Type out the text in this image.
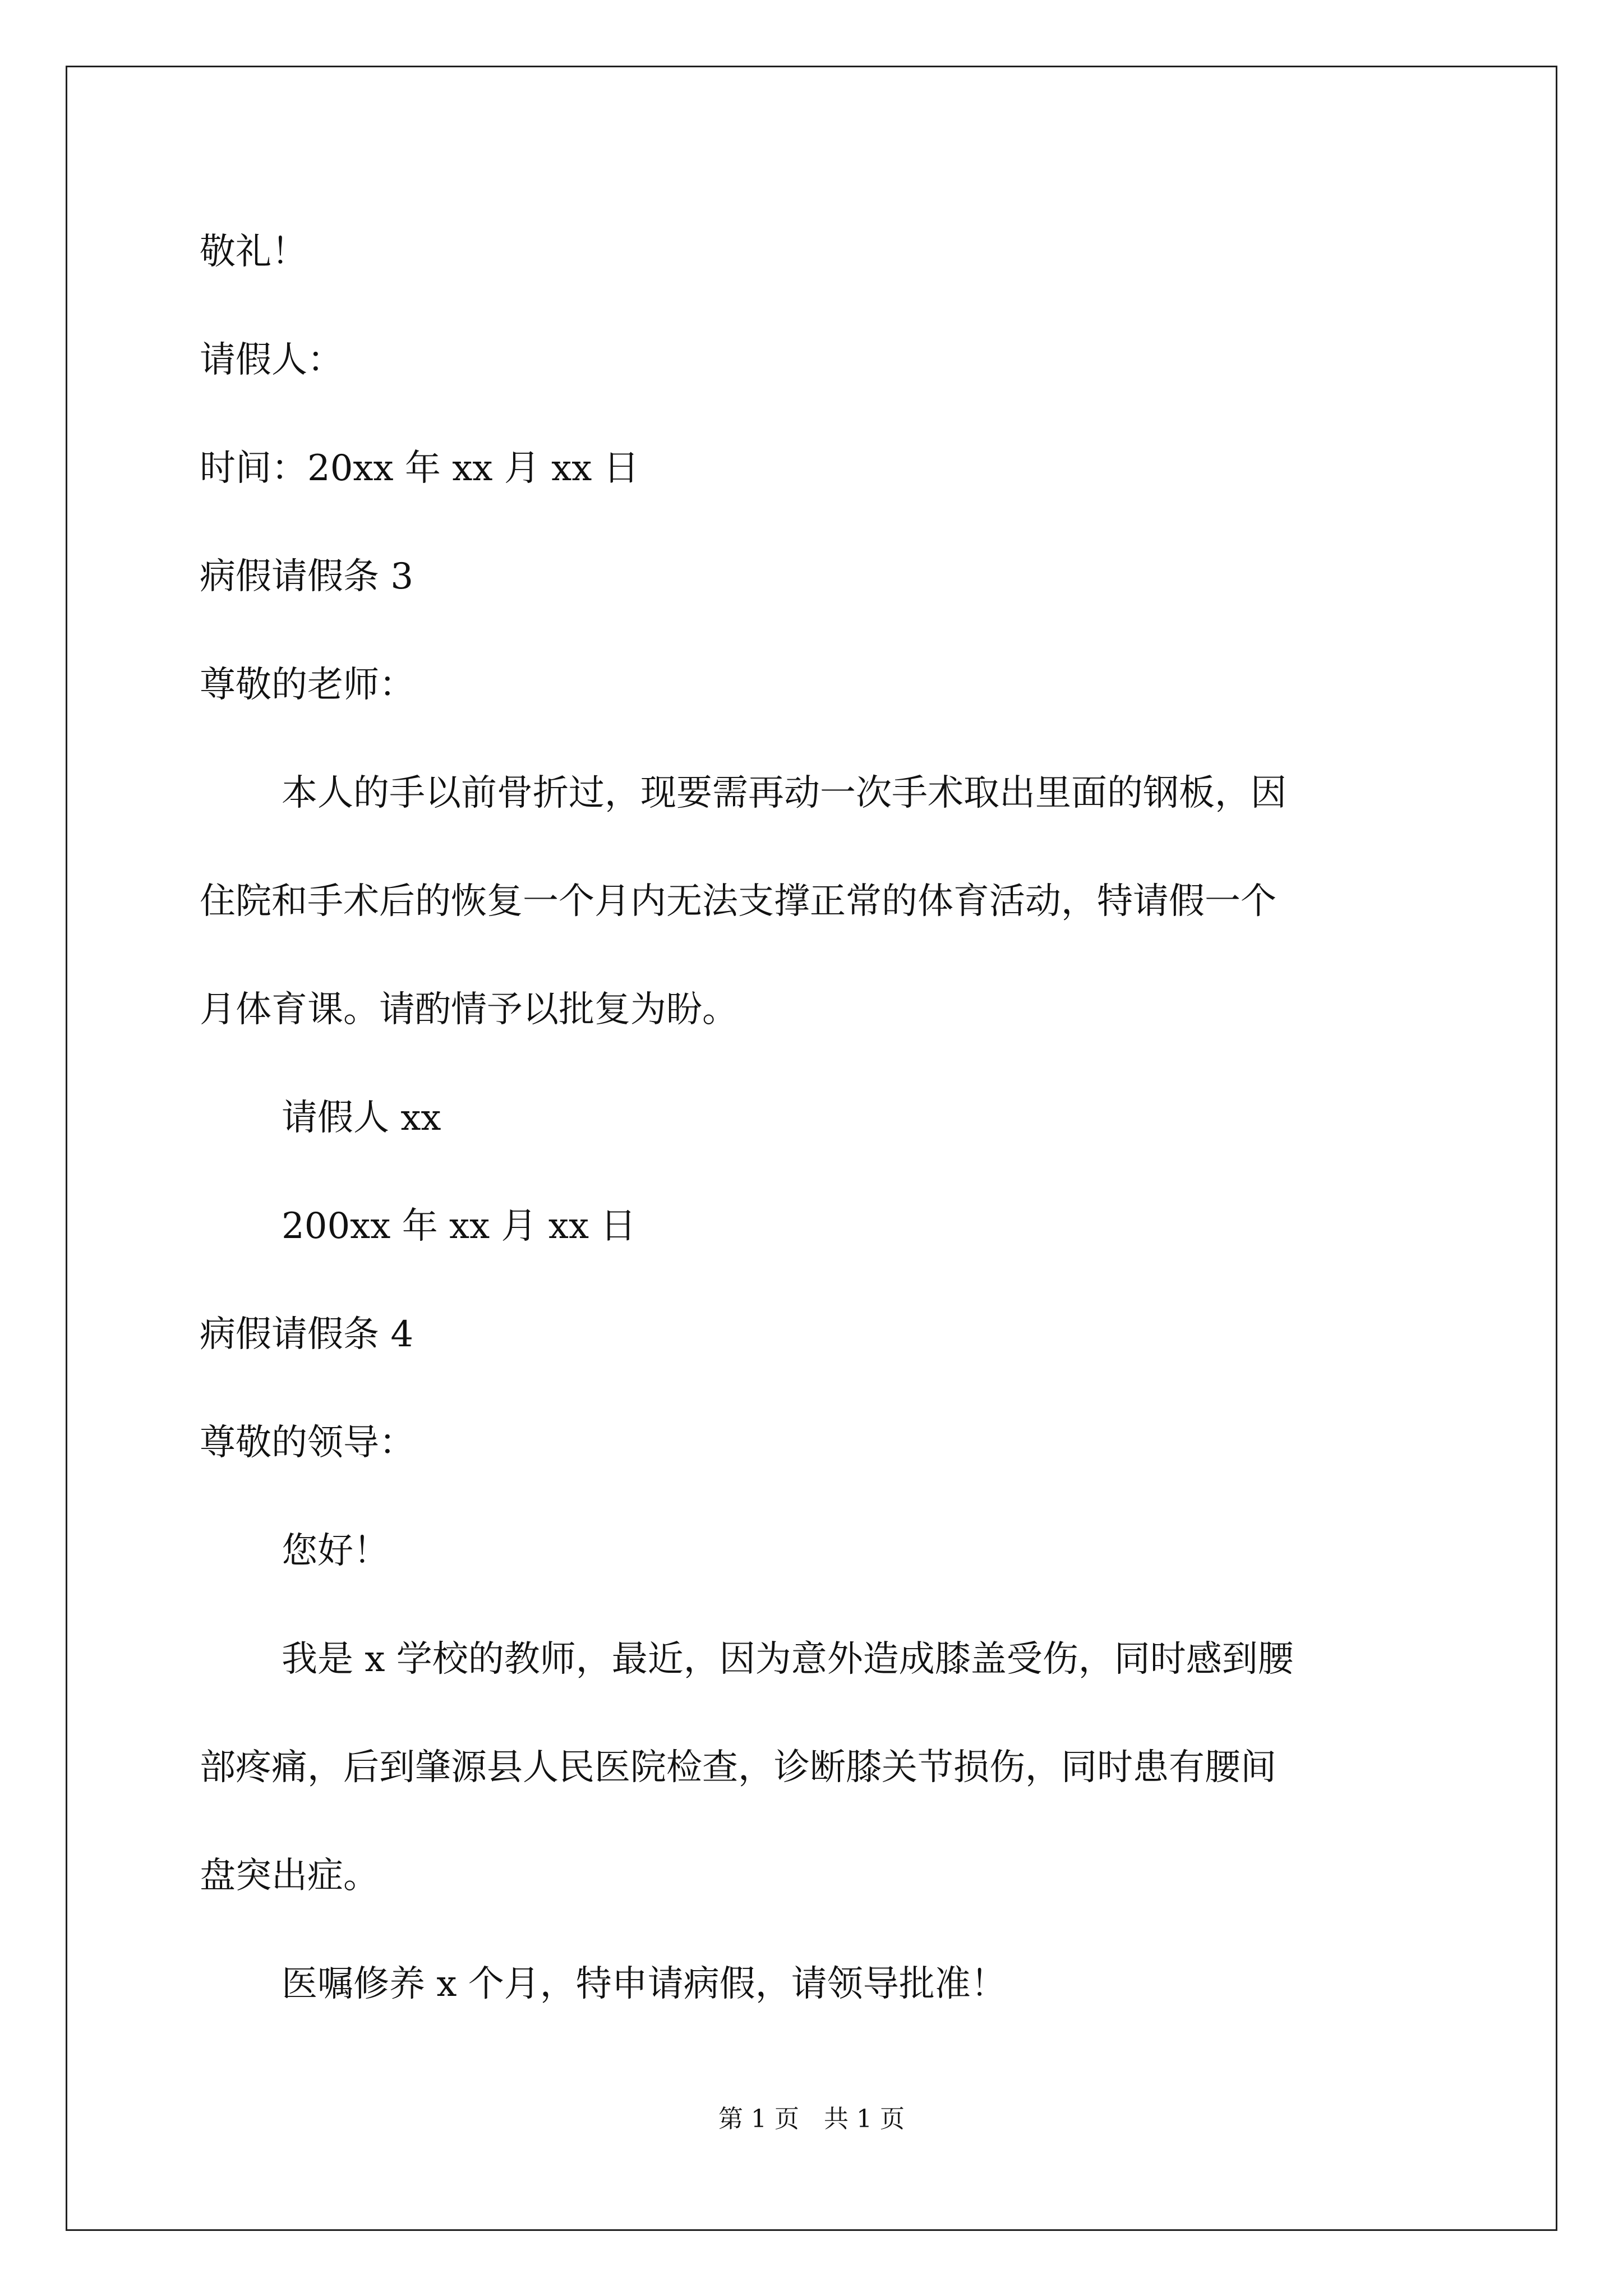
敬礼！
请假人：
时间：20xx 年 xx 月 xx 日
病假请假条 3
尊敬的老师：
本人的手以前骨折过，现要需再动一次手术取出里面的钢板，因
住院和手术后的恢复一个月内无法支撑正常的体育活动，特请假一个
月体育课。请酌情予以批复为盼。
请假人 xx
200xx 年 xx 月 xx 日
病假请假条 4
尊敬的领导：
您好！
我是 x 学校的教师，最近，因为意外造成膝盖受伤，同时感到腰
部疼痛，后到肇源县人民医院检查，诊断膝关节损伤，同时患有腰间
盘突出症。
医嘱修养 x 个月，特申请病假，请领导批准！
第 1 页 共 1 页
